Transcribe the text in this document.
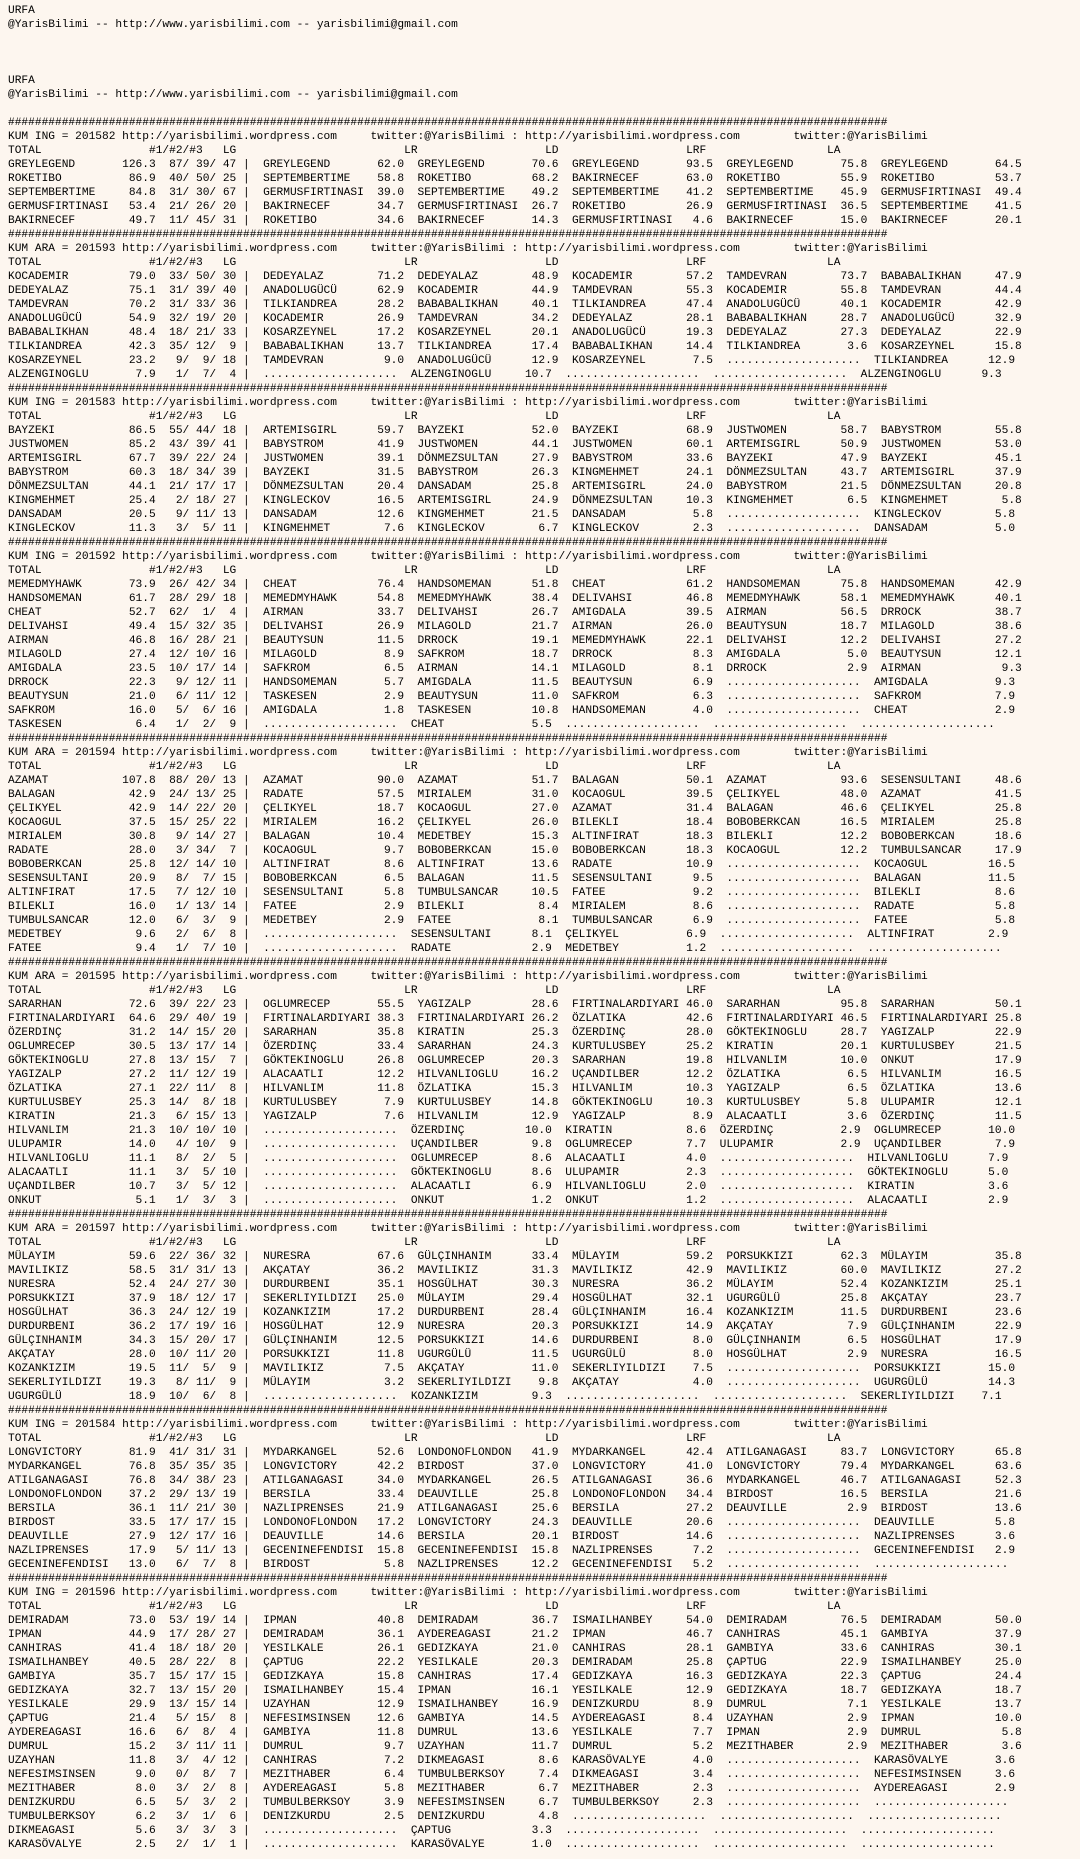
URFA
@YarisBilimi -- http://www.yarisbilimi.com -- yarisbilimi@gmail.com

URFA
@YarisBilimi -- http://www.yarisbilimi.com -- yarisbilimi@gmail.com

###################################################################################################################################
KUM ING = 201582 http://yarisbilimi.wordpress.com     twitter:@YarisBilimi : http://yarisbilimi.wordpress.com        twitter:@YarisBilimi
TOTAL                #1/#2/#3   LG                         LR                   LD                   LRF                  LA
GREYLEGEND       126.3  87/ 39/ 47 |  GREYLEGEND       62.0  GREYLEGEND       70.6  GREYLEGEND       93.5  GREYLEGEND       75.8  GREYLEGEND       64.5
ROKETIBO          86.9  40/ 50/ 25 |  SEPTEMBERTIME    58.8  ROKETIBO         68.2  BAKIRNECEF       63.0  ROKETIBO         55.9  ROKETIBO         53.7
SEPTEMBERTIME     84.8  31/ 30/ 67 |  GERMUSFIRTINASI  39.0  SEPTEMBERTIME    49.2  SEPTEMBERTIME    41.2  SEPTEMBERTIME    45.9  GERMUSFIRTINASI  49.4
GERMUSFIRTINASI   53.4  21/ 26/ 20 |  BAKIRNECEF       34.7  GERMUSFIRTINASI  26.7  ROKETIBO         26.9  GERMUSFIRTINASI  36.5  SEPTEMBERTIME    41.5
BAKIRNECEF        49.7  11/ 45/ 31 |  ROKETIBO         34.6  BAKIRNECEF       14.3  GERMUSFIRTINASI   4.6  BAKIRNECEF       15.0  BAKIRNECEF       20.1
###################################################################################################################################
KUM ARA = 201593 http://yarisbilimi.wordpress.com     twitter:@YarisBilimi : http://yarisbilimi.wordpress.com        twitter:@YarisBilimi
TOTAL                #1/#2/#3   LG                         LR                   LD                   LRF                  LA
KOCADEMIR         79.0  33/ 50/ 30 |  DEDEYALAZ        71.2  DEDEYALAZ        48.9  KOCADEMIR        57.2  TAMDEVRAN        73.7  BABABALIKHAN     47.9
DEDEYALAZ         75.1  31/ 39/ 40 |  ANADOLUGÜCÜ      62.9  KOCADEMIR        44.9  TAMDEVRAN        55.3  KOCADEMIR        55.8  TAMDEVRAN        44.4
TAMDEVRAN         70.2  31/ 33/ 36 |  TILKIANDREA      28.2  BABABALIKHAN     40.1  TILKIANDREA      47.4  ANADOLUGÜCÜ      40.1  KOCADEMIR        42.9
ANADOLUGÜCÜ       54.9  32/ 19/ 20 |  KOCADEMIR        26.9  TAMDEVRAN        34.2  DEDEYALAZ        28.1  BABABALIKHAN     28.7  ANADOLUGÜCÜ      32.9
BABABALIKHAN      48.4  18/ 21/ 33 |  KOSARZEYNEL      17.2  KOSARZEYNEL      20.1  ANADOLUGÜCÜ      19.3  DEDEYALAZ        27.3  DEDEYALAZ        22.9
TILKIANDREA       42.3  35/ 12/  9 |  BABABALIKHAN     13.7  TILKIANDREA      17.4  BABABALIKHAN     14.4  TILKIANDREA       3.6  KOSARZEYNEL      15.8
KOSARZEYNEL       23.2   9/  9/ 18 |  TAMDEVRAN         9.0  ANADOLUGÜCÜ      12.9  KOSARZEYNEL       7.5  ....................  TILKIANDREA      12.9
ALZENGINOGLU       7.9   1/  7/  4 |  ....................  ALZENGINOGLU     10.7  ....................  ....................  ALZENGINOGLU      9.3
###################################################################################################################################
KUM ING = 201583 http://yarisbilimi.wordpress.com     twitter:@YarisBilimi : http://yarisbilimi.wordpress.com        twitter:@YarisBilimi
TOTAL                #1/#2/#3   LG                         LR                   LD                   LRF                  LA
BAYZEKI           86.5  55/ 44/ 18 |  ARTEMISGIRL      59.7  BAYZEKI          52.0  BAYZEKI          68.9  JUSTWOMEN        58.7  BABYSTROM        55.8
JUSTWOMEN         85.2  43/ 39/ 41 |  BABYSTROM        41.9  JUSTWOMEN        44.1  JUSTWOMEN        60.1  ARTEMISGIRL      50.9  JUSTWOMEN        53.0
ARTEMISGIRL       67.7  39/ 22/ 24 |  JUSTWOMEN        39.1  DÖNMEZSULTAN     27.9  BABYSTROM        33.6  BAYZEKI          47.9  BAYZEKI          45.1
BABYSTROM         60.3  18/ 34/ 39 |  BAYZEKI          31.5  BABYSTROM        26.3  KINGMEHMET       24.1  DÖNMEZSULTAN     43.7  ARTEMISGIRL      37.9
DÖNMEZSULTAN      44.1  21/ 17/ 17 |  DÖNMEZSULTAN     20.4  DANSADAM         25.8  ARTEMISGIRL      24.0  BABYSTROM        21.5  DÖNMEZSULTAN     20.8
KINGMEHMET        25.4   2/ 18/ 27 |  KINGLECKOV       16.5  ARTEMISGIRL      24.9  DÖNMEZSULTAN     10.3  KINGMEHMET        6.5  KINGMEHMET        5.8
DANSADAM          20.5   9/ 11/ 13 |  DANSADAM         12.6  KINGMEHMET       21.5  DANSADAM          5.8  ....................  KINGLECKOV        5.8
KINGLECKOV        11.3   3/  5/ 11 |  KINGMEHMET        7.6  KINGLECKOV        6.7  KINGLECKOV        2.3  ....................  DANSADAM          5.0
###################################################################################################################################
KUM ING = 201592 http://yarisbilimi.wordpress.com     twitter:@YarisBilimi : http://yarisbilimi.wordpress.com        twitter:@YarisBilimi
TOTAL                #1/#2/#3   LG                         LR                   LD                   LRF                  LA
MEMEDMYHAWK       73.9  26/ 42/ 34 |  CHEAT            76.4  HANDSOMEMAN      51.8  CHEAT            61.2  HANDSOMEMAN      75.8  HANDSOMEMAN      42.9
HANDSOMEMAN       61.7  28/ 29/ 18 |  MEMEDMYHAWK      54.8  MEMEDMYHAWK      38.4  DELIVAHSI        46.8  MEMEDMYHAWK      58.1  MEMEDMYHAWK      40.1
CHEAT             52.7  62/  1/  4 |  AIRMAN           33.7  DELIVAHSI        26.7  AMIGDALA         39.5  AIRMAN           56.5  DRROCK           38.7
DELIVAHSI         49.4  15/ 32/ 35 |  DELIVAHSI        26.9  MILAGOLD         21.7  AIRMAN           26.0  BEAUTYSUN        18.7  MILAGOLD         38.6
AIRMAN            46.8  16/ 28/ 21 |  BEAUTYSUN        11.5  DRROCK           19.1  MEMEDMYHAWK      22.1  DELIVAHSI        12.2  DELIVAHSI        27.2
MILAGOLD          27.4  12/ 10/ 16 |  MILAGOLD          8.9  SAFKROM          18.7  DRROCK            8.3  AMIGDALA          5.0  BEAUTYSUN        12.1
AMIGDALA          23.5  10/ 17/ 14 |  SAFKROM           6.5  AIRMAN           14.1  MILAGOLD          8.1  DRROCK            2.9  AIRMAN            9.3
DRROCK            22.3   9/ 12/ 11 |  HANDSOMEMAN       5.7  AMIGDALA         11.5  BEAUTYSUN         6.9  ....................  AMIGDALA          9.3
BEAUTYSUN         21.0   6/ 11/ 12 |  TASKESEN          2.9  BEAUTYSUN        11.0  SAFKROM           6.3  ....................  SAFKROM           7.9
SAFKROM           16.0   5/  6/ 16 |  AMIGDALA          1.8  TASKESEN         10.8  HANDSOMEMAN       4.0  ....................  CHEAT             2.9
TASKESEN           6.4   1/  2/  9 |  ....................  CHEAT             5.5  ....................  ....................  ....................
###################################################################################################################################
KUM ARA = 201594 http://yarisbilimi.wordpress.com     twitter:@YarisBilimi : http://yarisbilimi.wordpress.com        twitter:@YarisBilimi
TOTAL                #1/#2/#3   LG                         LR                   LD                   LRF                  LA
AZAMAT           107.8  88/ 20/ 13 |  AZAMAT           90.0  AZAMAT           51.7  BALAGAN          50.1  AZAMAT           93.6  SESENSULTANI     48.6
BALAGAN           42.9  24/ 13/ 25 |  RADATE           57.5  MIRIALEM         31.0  KOCAOGUL         39.5  ÇELIKYEL         48.0  AZAMAT           41.5
ÇELIKYEL          42.9  14/ 22/ 20 |  ÇELIKYEL         18.7  KOCAOGUL         27.0  AZAMAT           31.4  BALAGAN          46.6  ÇELIKYEL         25.8
KOCAOGUL          37.5  15/ 25/ 22 |  MIRIALEM         16.2  ÇELIKYEL         26.0  BILEKLI          18.4  BOBOBERKCAN      16.5  MIRIALEM         25.8
MIRIALEM          30.8   9/ 14/ 27 |  BALAGAN          10.4  MEDETBEY         15.3  ALTINFIRAT       18.3  BILEKLI          12.2  BOBOBERKCAN      18.6
RADATE            28.0   3/ 34/  7 |  KOCAOGUL          9.7  BOBOBERKCAN      15.0  BOBOBERKCAN      18.3  KOCAOGUL         12.2  TUMBULSANCAR     17.9
BOBOBERKCAN       25.8  12/ 14/ 10 |  ALTINFIRAT        8.6  ALTINFIRAT       13.6  RADATE           10.9  ....................  KOCAOGUL         16.5
SESENSULTANI      20.9   8/  7/ 15 |  BOBOBERKCAN       6.5  BALAGAN          11.5  SESENSULTANI      9.5  ....................  BALAGAN          11.5
ALTINFIRAT        17.5   7/ 12/ 10 |  SESENSULTANI      5.8  TUMBULSANCAR     10.5  FATEE             9.2  ....................  BILEKLI           8.6
BILEKLI           16.0   1/ 13/ 14 |  FATEE             2.9  BILEKLI           8.4  MIRIALEM          8.6  ....................  RADATE            5.8
TUMBULSANCAR      12.0   6/  3/  9 |  MEDETBEY          2.9  FATEE             8.1  TUMBULSANCAR      6.9  ....................  FATEE             5.8
MEDETBEY           9.6   2/  6/  8 |  ....................  SESENSULTANI      8.1  ÇELIKYEL          6.9  ....................  ALTINFIRAT        2.9
FATEE              9.4   1/  7/ 10 |  ....................  RADATE            2.9  MEDETBEY          1.2  ....................  ....................
###################################################################################################################################
KUM ARA = 201595 http://yarisbilimi.wordpress.com     twitter:@YarisBilimi : http://yarisbilimi.wordpress.com        twitter:@YarisBilimi
TOTAL                #1/#2/#3   LG                         LR                   LD                   LRF                  LA
SARARHAN          72.6  39/ 22/ 23 |  OGLUMRECEP       55.5  YAGIZALP         28.6  FIRTINALARDIYARI 46.0  SARARHAN         95.8  SARARHAN         50.1
FIRTINALARDIYARI  64.6  29/ 40/ 19 |  FIRTINALARDIYARI 38.3  FIRTINALARDIYARI 26.2  ÖZLATIKA         42.6  FIRTINALARDIYARI 46.5  FIRTINALARDIYARI 25.8
ÖZERDINÇ          31.2  14/ 15/ 20 |  SARARHAN         35.8  KIRATIN          25.3  ÖZERDINÇ         28.0  GÖKTEKINOGLU     28.7  YAGIZALP         22.9
OGLUMRECEP        30.5  13/ 17/ 14 |  ÖZERDINÇ         33.4  SARARHAN         24.3  KURTULUSBEY      25.2  KIRATIN          20.1  KURTULUSBEY      21.5
GÖKTEKINOGLU      27.8  13/ 15/  7 |  GÖKTEKINOGLU     26.8  OGLUMRECEP       20.3  SARARHAN         19.8  HILVANLIM        10.0  ONKUT            17.9
YAGIZALP          27.2  11/ 12/ 19 |  ALACAATLI        12.2  HILVANLIOGLU     16.2  UÇANDILBER       12.2  ÖZLATIKA          6.5  HILVANLIM        16.5
ÖZLATIKA          27.1  22/ 11/  8 |  HILVANLIM        11.8  ÖZLATIKA         15.3  HILVANLIM        10.3  YAGIZALP          6.5  ÖZLATIKA         13.6
KURTULUSBEY       25.3  14/  8/ 18 |  KURTULUSBEY       7.9  KURTULUSBEY      14.8  GÖKTEKINOGLU     10.3  KURTULUSBEY       5.8  ULUPAMIR         12.1
KIRATIN           21.3   6/ 15/ 13 |  YAGIZALP          7.6  HILVANLIM        12.9  YAGIZALP          8.9  ALACAATLI         3.6  ÖZERDINÇ         11.5
HILVANLIM         21.3  10/ 10/ 10 |  ....................  ÖZERDINÇ         10.0  KIRATIN           8.6  ÖZERDINÇ          2.9  OGLUMRECEP       10.0
ULUPAMIR          14.0   4/ 10/  9 |  ....................  UÇANDILBER        9.8  OGLUMRECEP        7.7  ULUPAMIR          2.9  UÇANDILBER        7.9
HILVANLIOGLU      11.1   8/  2/  5 |  ....................  OGLUMRECEP        8.6  ALACAATLI         4.0  ....................  HILVANLIOGLU      7.9
ALACAATLI         11.1   3/  5/ 10 |  ....................  GÖKTEKINOGLU      8.6  ULUPAMIR          2.3  ....................  GÖKTEKINOGLU      5.0
UÇANDILBER        10.7   3/  5/ 12 |  ....................  ALACAATLI         6.9  HILVANLIOGLU      2.0  ....................  KIRATIN           3.6
ONKUT              5.1   1/  3/  3 |  ....................  ONKUT             1.2  ONKUT             1.2  ....................  ALACAATLI         2.9
###################################################################################################################################
KUM ARA = 201597 http://yarisbilimi.wordpress.com     twitter:@YarisBilimi : http://yarisbilimi.wordpress.com        twitter:@YarisBilimi
TOTAL                #1/#2/#3   LG                         LR                   LD                   LRF                  LA
MÜLAYIM           59.6  22/ 36/ 32 |  NURESRA          67.6  GÜLÇINHANIM      33.4  MÜLAYIM          59.2  PORSUKKIZI       62.3  MÜLAYIM          35.8
MAVILIKIZ         58.5  31/ 31/ 13 |  AKÇATAY          36.2  MAVILIKIZ        31.3  MAVILIKIZ        42.9  MAVILIKIZ        60.0  MAVILIKIZ        27.2
NURESRA           52.4  24/ 27/ 30 |  DURDURBENI       35.1  HOSGÜLHAT        30.3  NURESRA          36.2  MÜLAYIM          52.4  KOZANKIZIM       25.1
PORSUKKIZI        37.9  18/ 12/ 17 |  SEKERLIYILDIZI   25.0  MÜLAYIM          29.4  HOSGÜLHAT        32.1  UGURGÜLÜ         25.8  AKÇATAY          23.7
HOSGÜLHAT         36.3  24/ 12/ 19 |  KOZANKIZIM       17.2  DURDURBENI       28.4  GÜLÇINHANIM      16.4  KOZANKIZIM       11.5  DURDURBENI       23.6
DURDURBENI        36.2  17/ 19/ 16 |  HOSGÜLHAT        12.9  NURESRA          20.3  PORSUKKIZI       14.9  AKÇATAY           7.9  GÜLÇINHANIM      22.9
GÜLÇINHANIM       34.3  15/ 20/ 17 |  GÜLÇINHANIM      12.5  PORSUKKIZI       14.6  DURDURBENI        8.0  GÜLÇINHANIM       6.5  HOSGÜLHAT        17.9
AKÇATAY           28.0  10/ 11/ 20 |  PORSUKKIZI       11.8  UGURGÜLÜ         11.5  UGURGÜLÜ          8.0  HOSGÜLHAT         2.9  NURESRA          16.5
KOZANKIZIM        19.5  11/  5/  9 |  MAVILIKIZ         7.5  AKÇATAY          11.0  SEKERLIYILDIZI    7.5  ....................  PORSUKKIZI       15.0
SEKERLIYILDIZI    19.3   8/ 11/  9 |  MÜLAYIM           3.2  SEKERLIYILDIZI    9.8  AKÇATAY           4.0  ....................  UGURGÜLÜ         14.3
UGURGÜLÜ          18.9  10/  6/  8 |  ....................  KOZANKIZIM        9.3  ....................  ....................  SEKERLIYILDIZI    7.1
###################################################################################################################################
KUM ING = 201584 http://yarisbilimi.wordpress.com     twitter:@YarisBilimi : http://yarisbilimi.wordpress.com        twitter:@YarisBilimi
TOTAL                #1/#2/#3   LG                         LR                   LD                   LRF                  LA
LONGVICTORY       81.9  41/ 31/ 31 |  MYDARKANGEL      52.6  LONDONOFLONDON   41.9  MYDARKANGEL      42.4  ATILGANAGASI     83.7  LONGVICTORY      65.8
MYDARKANGEL       76.8  35/ 35/ 35 |  LONGVICTORY      42.2  BIRDOST          37.0  LONGVICTORY      41.0  LONGVICTORY      79.4  MYDARKANGEL      63.6
ATILGANAGASI      76.8  34/ 38/ 23 |  ATILGANAGASI     34.0  MYDARKANGEL      26.5  ATILGANAGASI     36.6  MYDARKANGEL      46.7  ATILGANAGASI     52.3
LONDONOFLONDON    37.2  29/ 13/ 19 |  BERSILA          33.4  DEAUVILLE        25.8  LONDONOFLONDON   34.4  BIRDOST          16.5  BERSILA          21.6
BERSILA           36.1  11/ 21/ 30 |  NAZLIPRENSES     21.9  ATILGANAGASI     25.6  BERSILA          27.2  DEAUVILLE         2.9  BIRDOST          13.6
BIRDOST           33.5  17/ 17/ 15 |  LONDONOFLONDON   17.2  LONGVICTORY      24.3  DEAUVILLE        20.6  ....................  DEAUVILLE         5.8
DEAUVILLE         27.9  12/ 17/ 16 |  DEAUVILLE        14.6  BERSILA          20.1  BIRDOST          14.6  ....................  NAZLIPRENSES      3.6
NAZLIPRENSES      17.9   5/ 11/ 13 |  GECENINEFENDISI  15.8  GECENINEFENDISI  15.8  NAZLIPRENSES      7.2  ....................  GECENINEFENDISI   2.9
GECENINEFENDISI   13.0   6/  7/  8 |  BIRDOST           5.8  NAZLIPRENSES     12.2  GECENINEFENDISI   5.2  ....................  ....................
###################################################################################################################################
KUM ING = 201596 http://yarisbilimi.wordpress.com     twitter:@YarisBilimi : http://yarisbilimi.wordpress.com        twitter:@YarisBilimi
TOTAL                #1/#2/#3   LG                         LR                   LD                   LRF                  LA
DEMIRADAM         73.0  53/ 19/ 14 |  IPMAN            40.8  DEMIRADAM        36.7  ISMAILHANBEY     54.0  DEMIRADAM        76.5  DEMIRADAM        50.0
IPMAN             44.9  17/ 28/ 27 |  DEMIRADAM        36.1  AYDEREAGASI      21.2  IPMAN            46.7  CANHIRAS         45.1  GAMBIYA          37.9
CANHIRAS          41.4  18/ 18/ 20 |  YESILKALE        26.1  GEDIZKAYA        21.0  CANHIRAS         28.1  GAMBIYA          33.6  CANHIRAS         30.1
ISMAILHANBEY      40.5  28/ 22/  8 |  ÇAPTUG           22.2  YESILKALE        20.3  DEMIRADAM        25.8  ÇAPTUG           22.9  ISMAILHANBEY     25.0
GAMBIYA           35.7  15/ 17/ 15 |  GEDIZKAYA        15.8  CANHIRAS         17.4  GEDIZKAYA        16.3  GEDIZKAYA        22.3  ÇAPTUG           24.4
GEDIZKAYA         32.7  13/ 15/ 20 |  ISMAILHANBEY     15.4  IPMAN            16.1  YESILKALE        12.9  GEDIZKAYA        18.7  GEDIZKAYA        18.7
YESILKALE         29.9  13/ 15/ 14 |  UZAYHAN          12.9  ISMAILHANBEY     16.9  DENIZKURDU        8.9  DUMRUL            7.1  YESILKALE        13.7
ÇAPTUG            21.4   5/ 15/  8 |  NEFESIMSINSEN    12.6  GAMBIYA          14.5  AYDEREAGASI       8.4  UZAYHAN           2.9  IPMAN            10.0
AYDEREAGASI       16.6   6/  8/  4 |  GAMBIYA          11.8  DUMRUL           13.6  YESILKALE         7.7  IPMAN             2.9  DUMRUL            5.8
DUMRUL            15.2   3/ 11/ 11 |  DUMRUL            9.7  UZAYHAN          11.7  DUMRUL            5.2  MEZITHABER        2.9  MEZITHABER        3.6
UZAYHAN           11.8   3/  4/ 12 |  CANHIRAS          7.2  DIKMEAGASI        8.6  KARASÖVALYE       4.0  ....................  KARASÖVALYE       3.6
NEFESIMSINSEN      9.0   0/  8/  7 |  MEZITHABER        6.4  TUMBULBERKSOY     7.4  DIKMEAGASI        3.4  ....................  NEFESIMSINSEN     3.6
MEZITHABER         8.0   3/  2/  8 |  AYDEREAGASI       5.8  MEZITHABER        6.7  MEZITHABER        2.3  ....................  AYDEREAGASI       2.9
DENIZKURDU         6.5   5/  3/  2 |  TUMBULBERKSOY     3.9  NEFESIMSINSEN     6.7  TUMBULBERKSOY     2.3  ....................  ....................
TUMBULBERKSOY      6.2   3/  1/  6 |  DENIZKURDU        2.5  DENIZKURDU        4.8  ....................  ....................  ....................
DIKMEAGASI         5.6   3/  3/  3 |  ....................  ÇAPTUG            3.3  ....................  ....................  ....................
KARASÖVALYE        2.5   2/  1/  1 |  ....................  KARASÖVALYE       1.0  ....................  ....................  ....................
